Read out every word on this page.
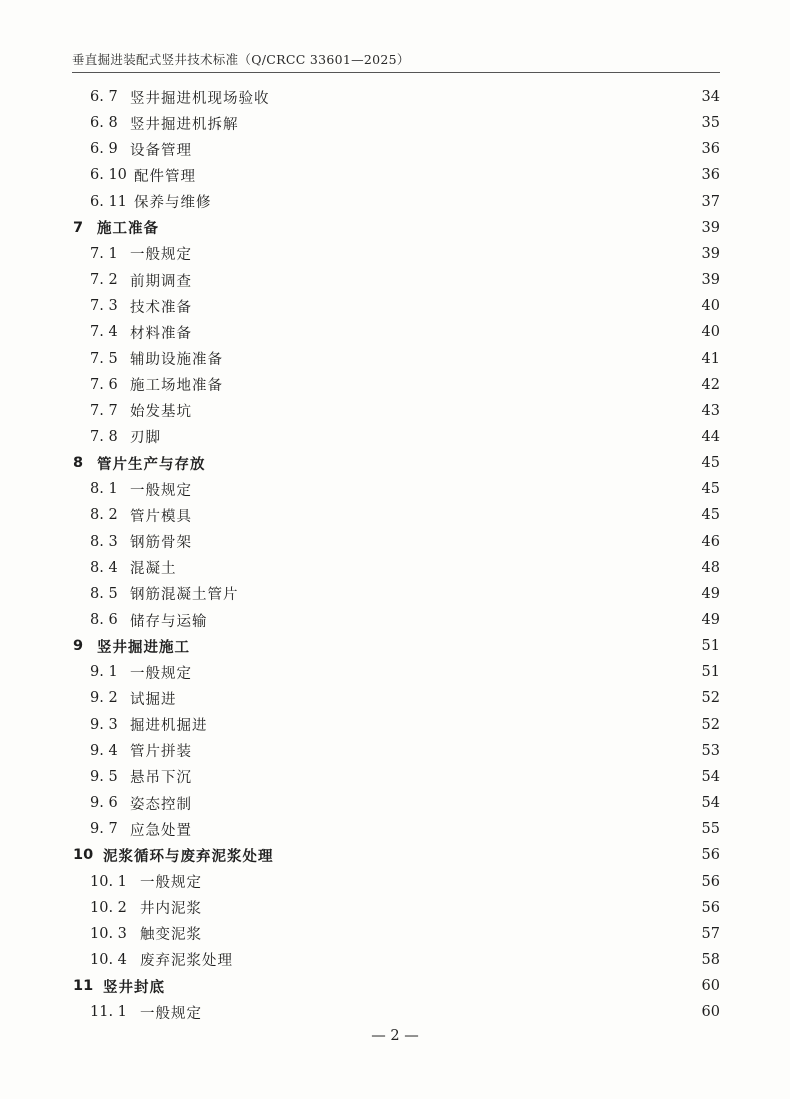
垂直掘进装配式竖井技术标准（Q/CRCC 33601—2025）
6. 7 竖井掘进机现场验收	34
6. 8 竖井掘进机拆解	35
6. 9 设备管理	36
6. 10 配件管理	36
6. 11 保养与维修	37
7 施工准备	39
7. 1 一般规定	39
7. 2 前期调查	39
7. 3 技术准备	40
7. 4 材料准备	40
7. 5 辅助设施准备	41
7. 6 施工场地准备	42
7. 7 始发基坑	43
7. 8 刃脚	44
8 管片生产与存放	45
8. 1 一般规定	45
8. 2 管片模具	45
8. 3 钢筋骨架	46
8. 4 混凝土	48
8. 5 钢筋混凝土管片	49
8. 6 储存与运输	49
9 竖井掘进施工	51
9. 1 一般规定	51
9. 2 试掘进	52
9. 3 掘进机掘进	52
9. 4 管片拼装	53
9. 5 悬吊下沉	54
9. 6 姿态控制	54
9. 7 应急处置	55
10 泥浆循环与废弃泥浆处理	56
10. 1 一般规定	56
10. 2 井内泥浆	56
10. 3 触变泥浆	57
10. 4 废弃泥浆处理	58
11 竖井封底	60
11. 1 一般规定	60
— 2 —
